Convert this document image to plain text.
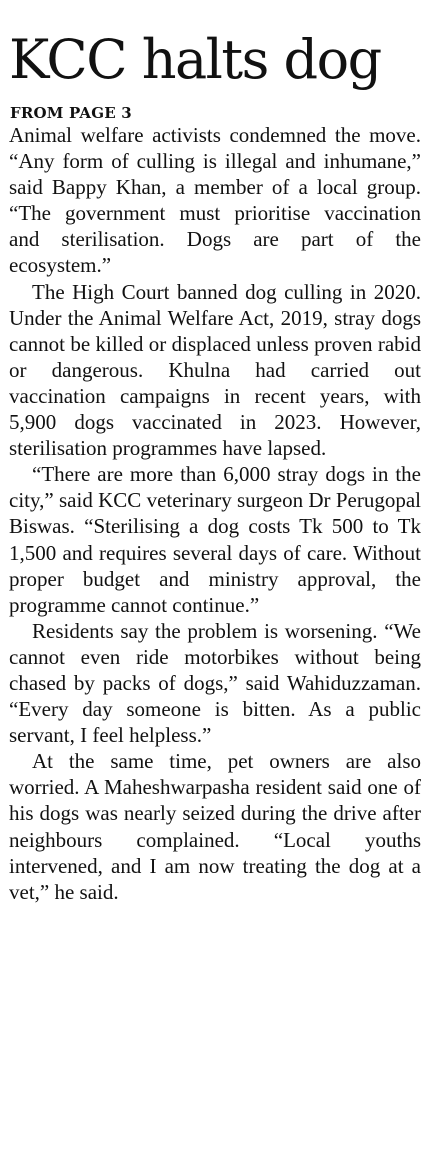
KCC halts dog
FROM PAGE 3

Animal welfare activists condemned the move. “Any form of culling is illegal and inhumane,” said Bappy Khan, a member of a local group. “The government must prioritise vaccination and sterilisation. Dogs are part of the ecosystem.”

The High Court banned dog culling in 2020. Under the Animal Welfare Act, 2019, stray dogs cannot be killed or displaced unless proven rabid or dangerous. Khulna had carried out vaccination campaigns in recent years, with 5,900 dogs vaccinated in 2023. However, sterilisation programmes have lapsed.

“There are more than 6,000 stray dogs in the city,” said KCC veterinary surgeon Dr Perugopal Biswas. “Sterilising a dog costs Tk 500 to Tk 1,500 and requires several days of care. Without proper budget and ministry approval, the programme cannot continue.”

Residents say the problem is worsening. “We cannot even ride motorbikes without being chased by packs of dogs,” said Wahiduzzaman. “Every day someone is bitten. As a public servant, I feel helpless.”

At the same time, pet owners are also worried. A Maheshwarpasha resident said one of his dogs was nearly seized during the drive after neighbours complained. “Local youths intervened, and I am now treating the dog at a vet,” he said.
